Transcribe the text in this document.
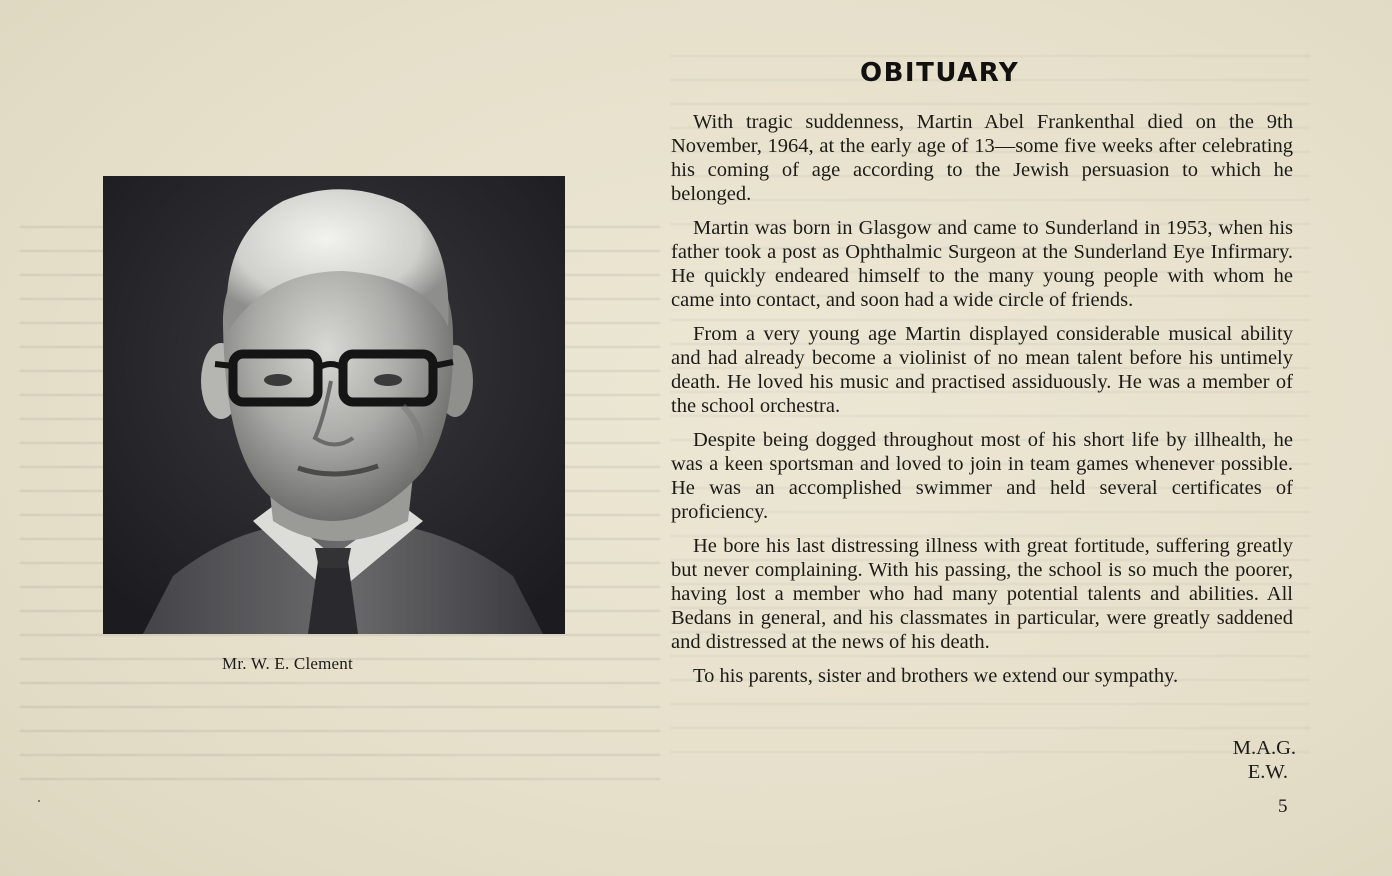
Mr. W. E. Clement
OBITUARY

With tragic suddenness, Martin Abel Frankenthal died on the 9th November, 1964, at the early age of 13—some five weeks after celebrating his coming of age according to the Jewish persuasion to which he belonged.

Martin was born in Glasgow and came to Sunderland in 1953, when his father took a post as Ophthalmic Surgeon at the Sunderland Eye Infirmary. He quickly endeared himself to the many young people with whom he came into contact, and soon had a wide circle of friends.

From a very young age Martin displayed considerable musical ability and had already become a violinist of no mean talent before his untimely death. He loved his music and practised assiduously. He was a member of the school orchestra.

Despite being dogged throughout most of his short life by illhealth, he was a keen sportsman and loved to join in team games whenever possible. He was an accomplished swimmer and held several certificates of proficiency.

He bore his last distressing illness with great fortitude, suffering greatly but never complaining. With his passing, the school is so much the poorer, having lost a member who had many potential talents and abilities. All Bedans in general, and his classmates in particular, were greatly saddened and distressed at the news of his death.

To his parents, sister and brothers we extend our sympathy.

M.A.G.
E.W.
5
